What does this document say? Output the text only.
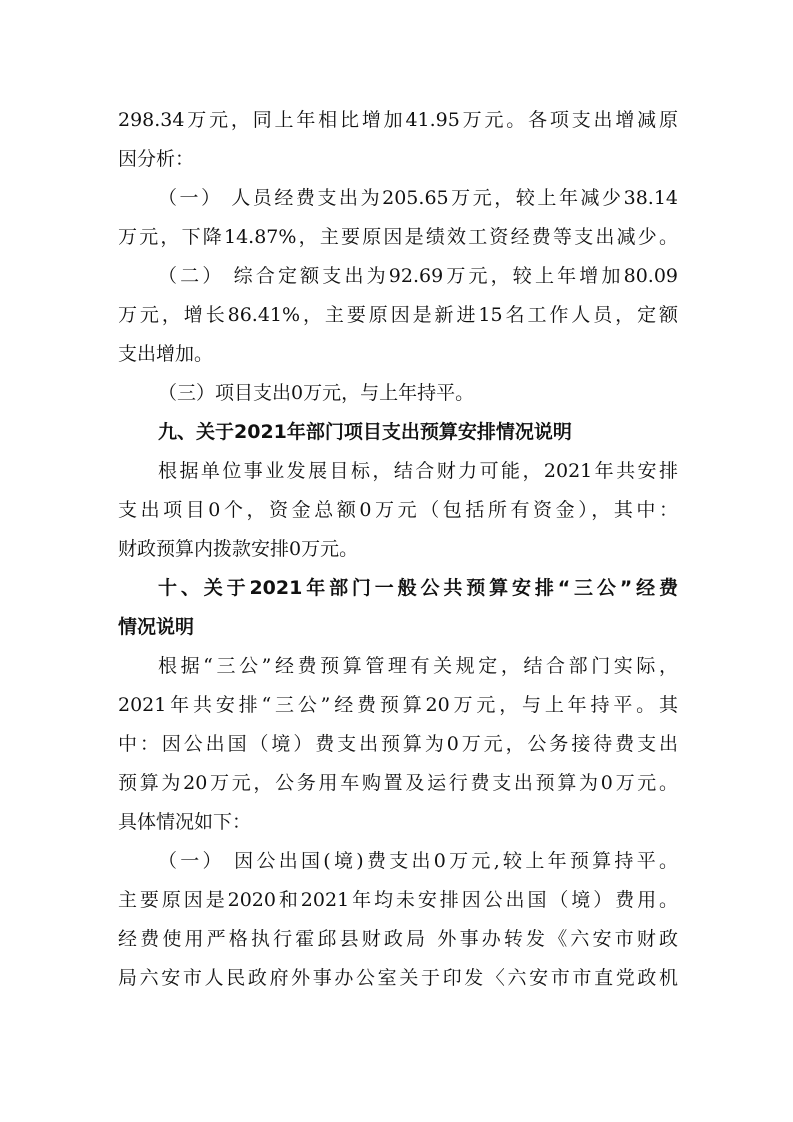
298.34万元，同上年相比增加41.95万元。各项支出增减原
因分析：
（一） 人员经费支出为205.65万元，较上年减少38.14
万元，下降14.87%，主要原因是绩效工资经费等支出减少。
（二） 综合定额支出为92.69万元，较上年增加80.09
万元，增长86.41%，主要原因是新进15名工作人员，定额
支出增加。
（三）项目支出0万元，与上年持平。
九、关于2021年部门项目支出预算安排情况说明
根据单位事业发展目标，结合财力可能，2021年共安排
支出项目0个，资金总额0万元（包括所有资金），其中：
财政预算内拨款安排0万元。
十、关于2021年部门一般公共预算安排“三公”经费
情况说明
根据“三公”经费预算管理有关规定，结合部门实际，
2021年共安排“三公”经费预算20万元，与上年持平。其
中：因公出国（境）费支出预算为0万元，公务接待费支出
预算为20万元，公务用车购置及运行费支出预算为0万元。
具体情况如下：
（一） 因公出国(境)费支出0万元,较上年预算持平。
主要原因是2020和2021年均未安排因公出国（境）费用。
经费使用严格执行霍邱县财政局 外事办转发《六安市财政
局六安市人民政府外事办公室关于印发〈六安市市直党政机
